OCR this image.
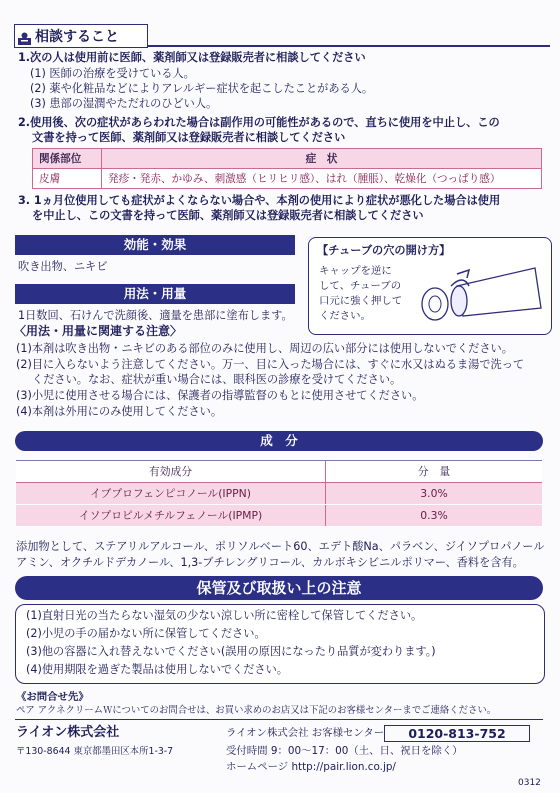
相談すること
1.次の人は使用前に医師、薬剤師又は登録販売者に相談してください
(1) 医師の治療を受けている人。
(2) 薬や化粧品などによりアレルギー症状を起こしたことがある人。
(3) 患部の湿潤やただれのひどい人。
2.使用後、次の症状があらわれた場合は副作用の可能性があるので、直ちに使用を中止し、この
文書を持って医師、薬剤師又は登録販売者に相談してください
関係部位	症　状
皮膚	発疹・発赤、かゆみ、刺激感（ヒリヒリ感）、はれ（腫脹）、乾燥化（つっぱり感）
3. 1ヵ月位使用しても症状がよくならない場合や、本剤の使用により症状が悪化した場合は使用
を中止し、この文書を持って医師、薬剤師又は登録販売者に相談してください
効能・効果
吹き出物、ニキビ
用法・用量
1日数回、石けんで洗顔後、適量を患部に塗布します。
〈用法・用量に関連する注意〉
(1)本剤は吹き出物・ニキビのある部位のみに使用し、周辺の広い部分には使用しないでください。
(2)目に入らないよう注意してください。万一、目に入った場合には、すぐに水又はぬるま湯で洗って
ください。なお、症状が重い場合には、眼科医の診療を受けてください。
(3)小児に使用させる場合には、保護者の指導監督のもとに使用させてください。
(4)本剤は外用にのみ使用してください。
【チューブの穴の開け方】
キャップを逆に
して、チューブの
口元に強く押して
ください。
成　分
有効成分	分　量
イブプロフェンピコノール(IPPN)	3.0%
イソプロピルメチルフェノール(IPMP)	0.3%
添加物として、ステアリルアルコール、ポリソルベート60、エデト酸Na、パラベン、ジイソプロパノール
アミン、オクチルドデカノール、1,3-ブチレングリコール、カルボキシビニルポリマー、香料を含有。
保管及び取扱い上の注意
(1)直射日光の当たらない湿気の少ない涼しい所に密栓して保管してください。
(2)小児の手の届かない所に保管してください。
(3)他の容器に入れ替えないでください(誤用の原因になったり品質が変わります。)
(4)使用期限を過ぎた製品は使用しないでください。
《お問合せ先》
ペア アクネクリームＷについてのお問合せは、お買い求めのお店又は下記のお客様センターまでご連絡ください。
ライオン株式会社
〒130-8644 東京都墨田区本所1-3-7
ライオン株式会社 お客様センター	0120-813-752
受付時間 9：00～17：00（土、日、祝日を除く）
ホームページ http://pair.lion.co.jp/
0312
